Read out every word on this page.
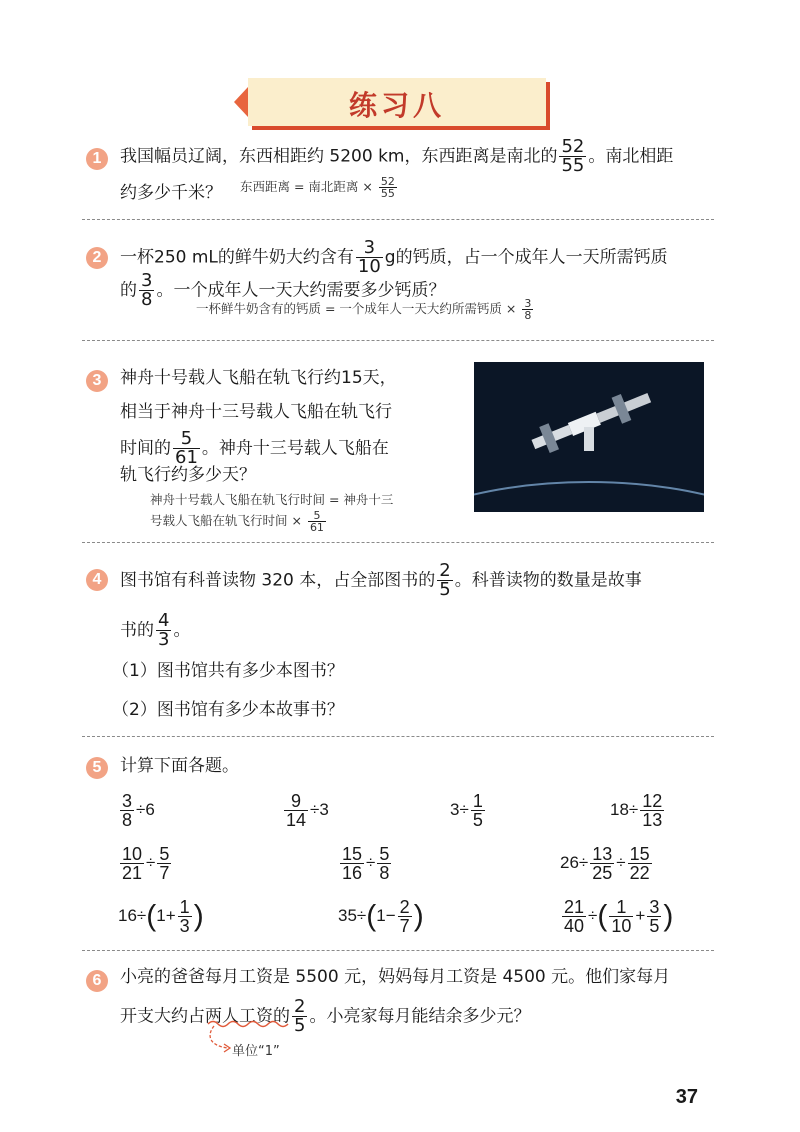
练习八
1	我国幅员辽阔，东西相距约 5200 km，东西距离是南北的 $\frac{52}{55}$ 。南北相距
约多少千米？ 东西距离 = 南北距离 × $\frac{52}{55}$
2	一杯250 mL的鲜牛奶大约含有 $\frac{3}{10}$ g的钙质，占一个成年人一天所需钙质
的 $\frac{3}{8}$ 。一个成年人一天大约需要多少钙质？
一杯鲜牛奶含有的钙质 = 一个成年人一天大约所需钙质 × $\frac{3}{8}$
3	神舟十号载人飞船在轨飞行约15天，
相当于神舟十三号载人飞船在轨飞行
时间的 $\frac{5}{61}$ 。神舟十三号载人飞船在
轨飞行约多少天？
神舟十号载人飞船在轨飞行时间 = 神舟十三
号载人飞船在轨飞行时间 × $\frac{5}{61}$
4	图书馆有科普读物 320 本，占全部图书的 $\frac{2}{5}$ 。科普读物的数量是故事
书的 $\frac{4}{3}$ 。
（1）图书馆共有多少本图书？
（2）图书馆有多少本故事书？
5	计算下面各题。
$\frac{3}{8} \div 6$	$\frac{9}{14} \div 3$	$3\div \frac{1}{5}$	$18\div \frac{12}{13}$
$\frac{10}{21} \div \frac{5}{7}$	$\frac{15}{16} \div \frac{5}{8}$	$26\div \frac{13}{25} \div \frac{15}{22}$
$16\div(1+ \frac{1}{3}$ )	$35\div(1- \frac{2}{7}$ )	$\frac{21}{40}$ ÷( $\frac{1}{10} + \frac{3}{5}$ )
6	小亮的爸爸每月工资是 5500 元，妈妈每月工资是 4500 元。他们家每月
开支大约占两人工资的 $\frac{2}{5}$ 。小亮家每月能结余多少元？
单位“1”
37
